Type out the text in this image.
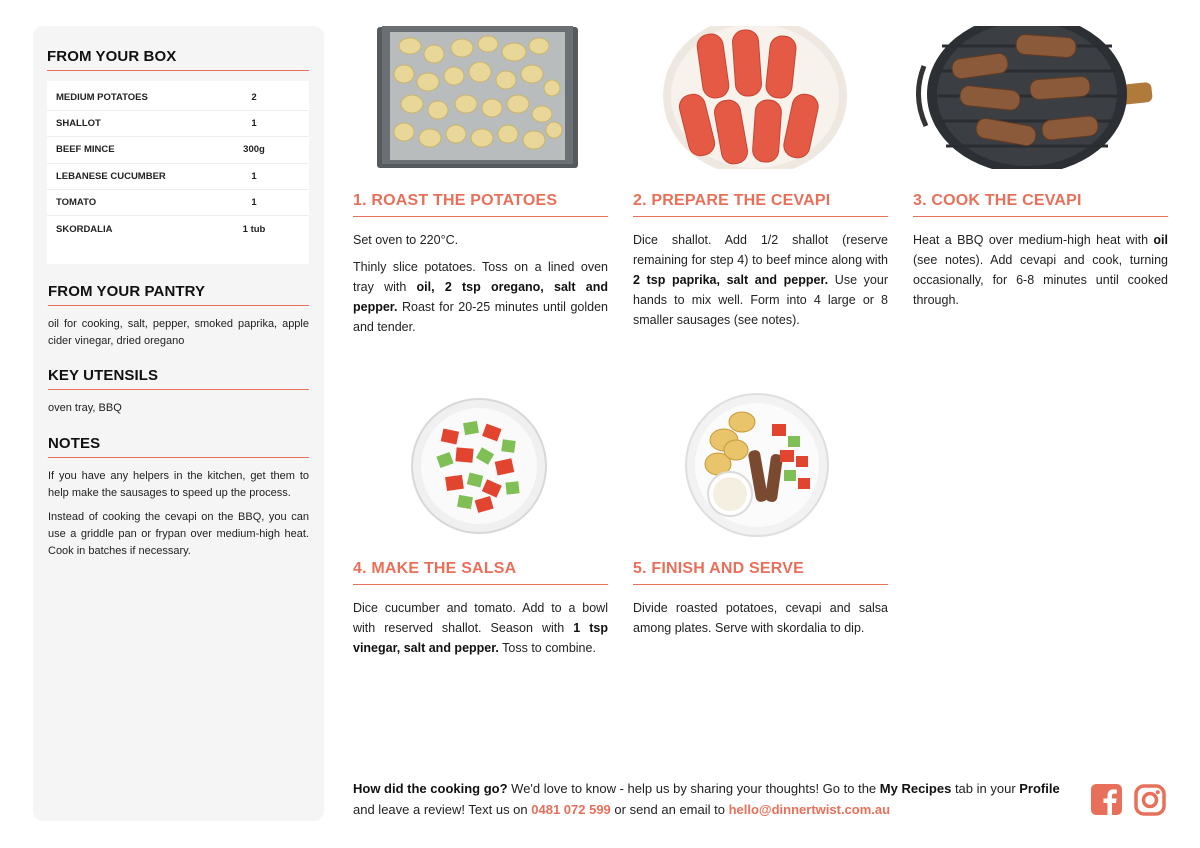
FROM YOUR BOX
MEDIUM POTATOES	2
SHALLOT	1
BEEF MINCE	300g
LEBANESE CUCUMBER	1
TOMATO	1
SKORDALIA	1 tub
FROM YOUR PANTRY

oil for cooking, salt, pepper, smoked paprika, apple cider vinegar, dried oregano

KEY UTENSILS

oven tray, BBQ

NOTES

If you have any helpers in the kitchen, get them to help make the sausages to speed up the process.

Instead of cooking the cevapi on the BBQ, you can use a griddle pan or frypan over medium-high heat. Cook in batches if necessary.

1. ROAST THE POTATOES

Set oven to 220°C.

Thinly slice potatoes. Toss on a lined oven tray with oil, 2 tsp oregano, salt and pepper. Roast for 20-25 minutes until golden and tender.

2. PREPARE THE CEVAPI

Dice shallot. Add 1/2 shallot (reserve remaining for step 4) to beef mince along with 2 tsp paprika, salt and pepper. Use your hands to mix well. Form into 4 large or 8 smaller sausages (see notes).

3. COOK THE CEVAPI

Heat a BBQ over medium-high heat with oil (see notes). Add cevapi and cook, turning occasionally, for 6-8 minutes until cooked through.

4. MAKE THE SALSA

Dice cucumber and tomato. Add to a bowl with reserved shallot. Season with 1 tsp vinegar, salt and pepper. Toss to combine.

5. FINISH AND SERVE

Divide roasted potatoes, cevapi and salsa among plates. Serve with skordalia to dip.

How did the cooking go? We'd love to know - help us by sharing your thoughts! Go to the My Recipes tab in your Profile and leave a review! Text us on 0481 072 599 or send an email to hello@dinnertwist.com.au
